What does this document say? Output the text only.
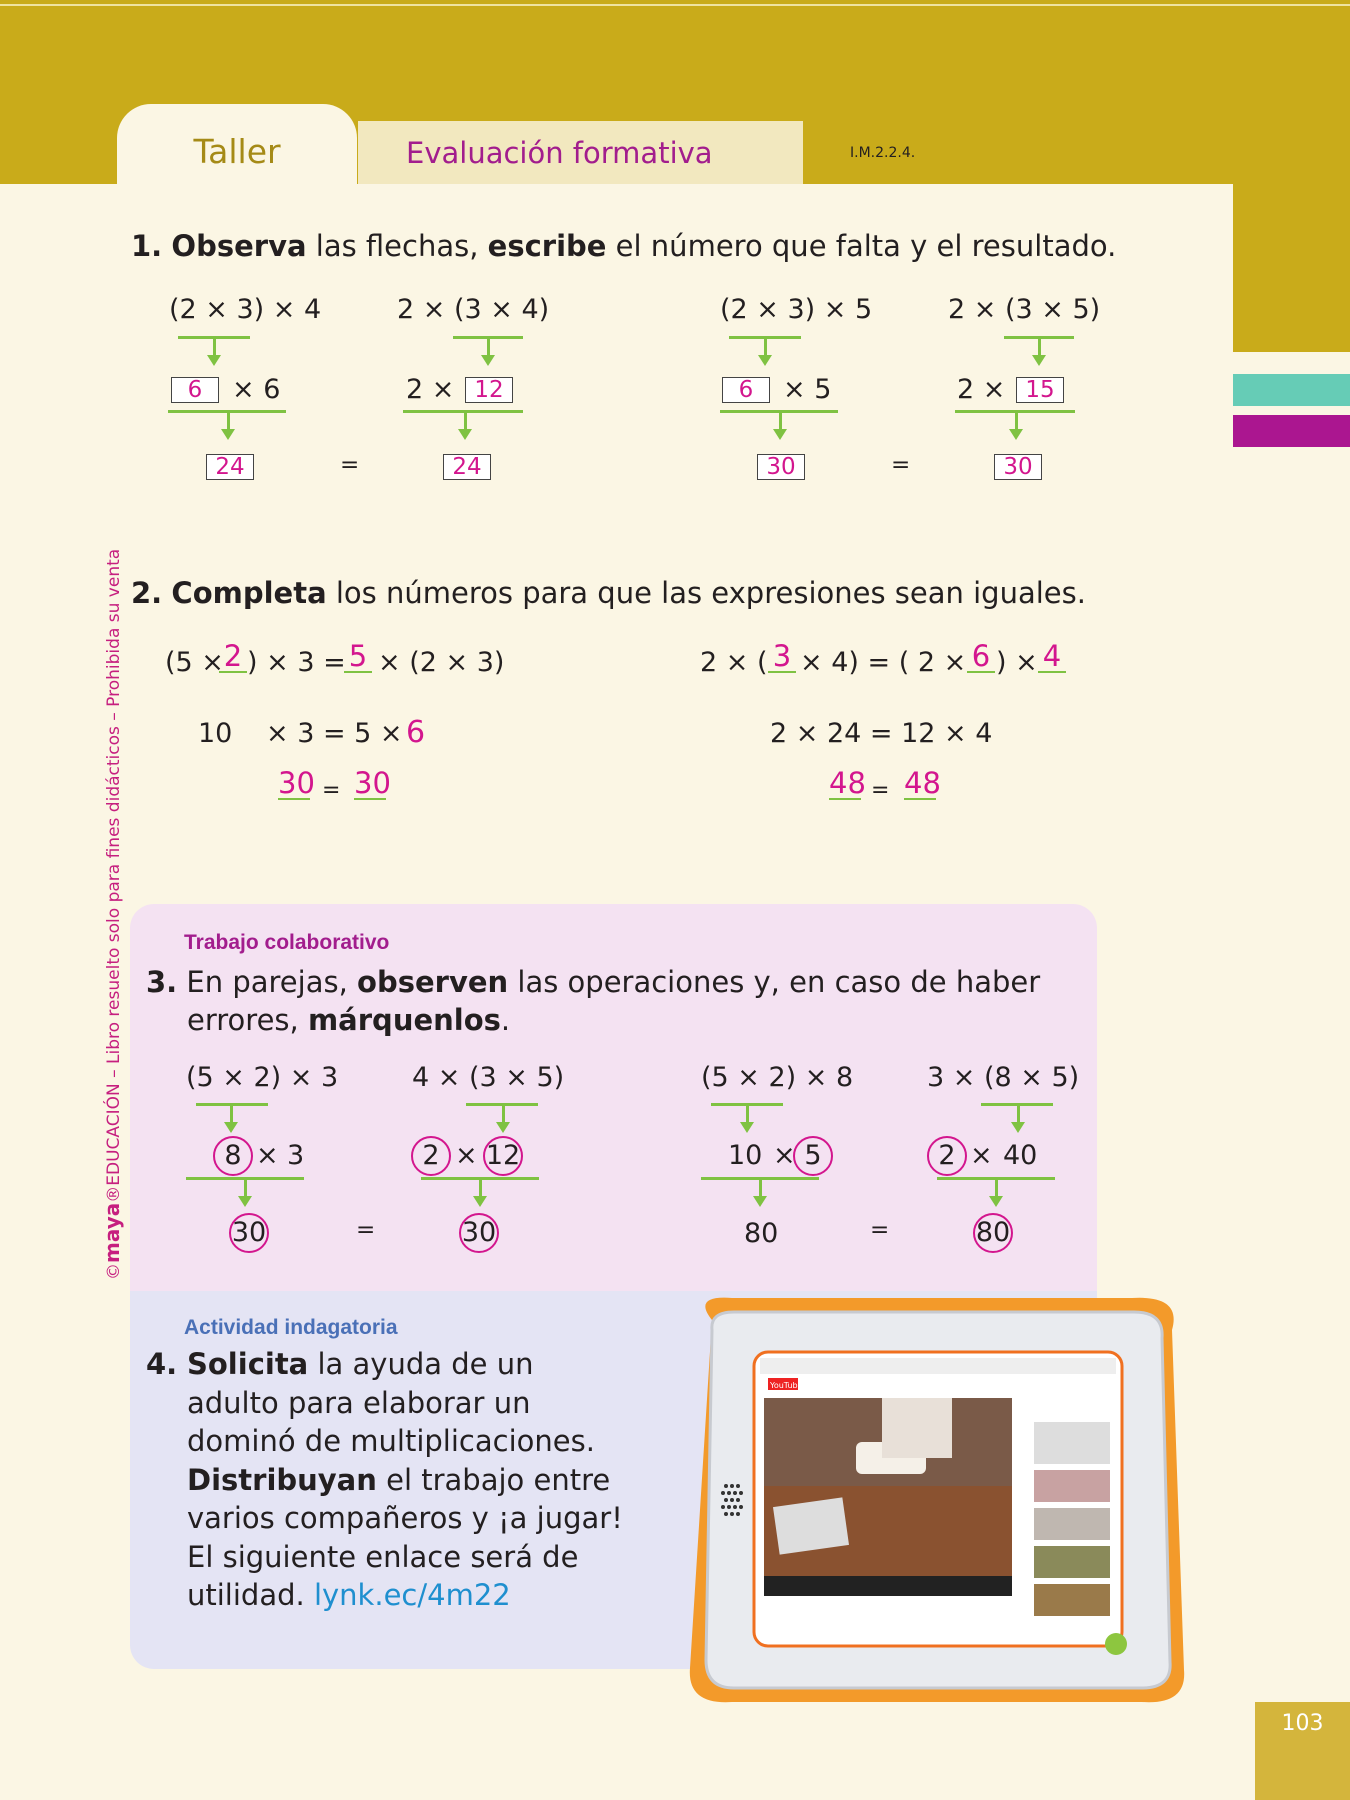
Taller	Evaluación formativa	I.M.2.2.4.
©maya®EDUCACIÓN – Libro resuelto solo para fines didácticos – Prohibida su venta
103
1. Observa las flechas, escribe el número que falta y el resultado.
(2 × 3) × 4
6	× 6
24	=
2 × (3 × 4)
2 × 12
24
(2 × 3) × 5
6	× 5
30	=
2 × (3 × 5)
2 × 15
30
2. Completa los números para que las expresiones sean iguales.
(5 × 2 ) × 3 = 5 × (2 × 3)
10 × 3 = 5 × 6
30 = 30
2 × ( 3 × 4) = ( 2 × 6 ) × 4
2 × 24 = 12 × 4
48 = 48
Trabajo colaborativo
3. En parejas, observen las operaciones y, en caso de haber
errores, márquenlos.
(5 × 2) × 3
8 × 3
30	=
4 × (3 × 5)
2 × 12
30
(5 × 2) × 8
10 × 5
80	=
3 × (8 × 5)
2 × 40
80
Actividad indagatoria
4. Solicita la ayuda de un
adulto para elaborar un
dominó de multiplicaciones.
Distribuyan el trabajo entre
varios compañeros y ¡a jugar!
El siguiente enlace será de
utilidad. lynk.ec/4m22
YouTube
